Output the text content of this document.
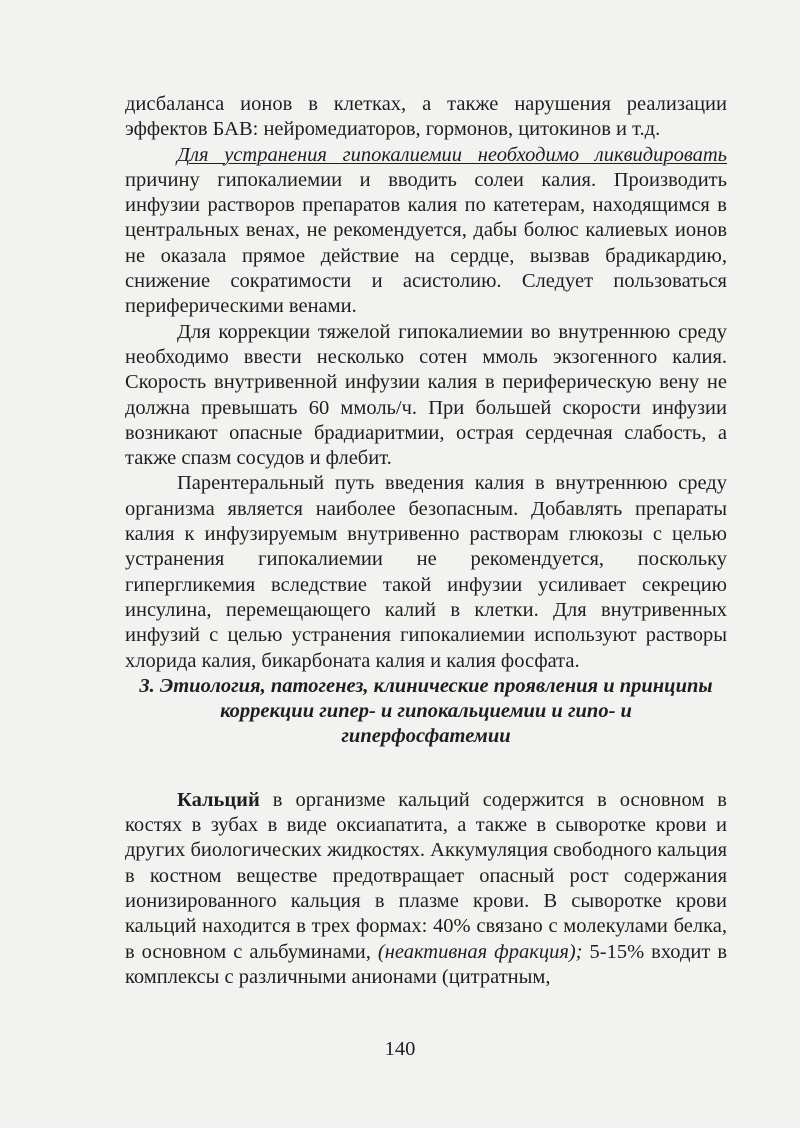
дисбаланса ионов в клетках, а также нарушения реализации эффектов БАВ: нейромедиаторов, гормонов, цитокинов и т.д.

Для устранения гипокалиемии необходимо ликвидировать причину гипокалиемии и вводить солеи калия. Производить инфузии растворов препаратов калия по катетерам, находящимся в центральных венах, не рекомендуется, дабы болюс калиевых ионов не оказала прямое действие на сердце, вызвав брадикардию, снижение сократимости и асистолию. Следует пользоваться периферическими венами.

Для коррекции тяжелой гипокалиемии во внутреннюю среду необходимо ввести несколько сотен ммоль экзогенного калия. Скорость внутривенной инфузии калия в периферическую вену не должна превышать 60 ммоль/ч. При большей скорости инфузии возникают опасные брадиаритмии, острая сердечная слабость, а также спазм сосудов и флебит.

Парентеральный путь введения калия в внутреннюю среду организма является наиболее безопасным. Добавлять препараты калия к инфузируемым внутривенно растворам глюкозы с целью устранения гипокалиемии не рекомендуется, поскольку гипергликемия вследствие такой инфузии усиливает секрецию инсулина, перемещающего калий в клетки. Для внутривенных инфузий с целью устранения гипокалиемии используют растворы хлорида калия, бикарбоната калия и калия фосфата.

3. Этиология, патогенез, клинические проявления и принципы коррекции гипер- и гипокальциемии и гипо- и гиперфосфатемии

Кальций в организме кальций содержится в основном в костях в зубах в виде оксиапатита, а также в сыворотке крови и других биологических жидкостях. Аккумуляция свободного кальция в костном веществе предотвращает опасный рост содержания ионизированного кальция в плазме крови. В сыворотке крови кальций находится в трех формах: 40% связано с молекулами белка, в основном с альбуминами, (неактивная фракция); 5-15% входит в комплексы с различными анионами (цитратным,

140
